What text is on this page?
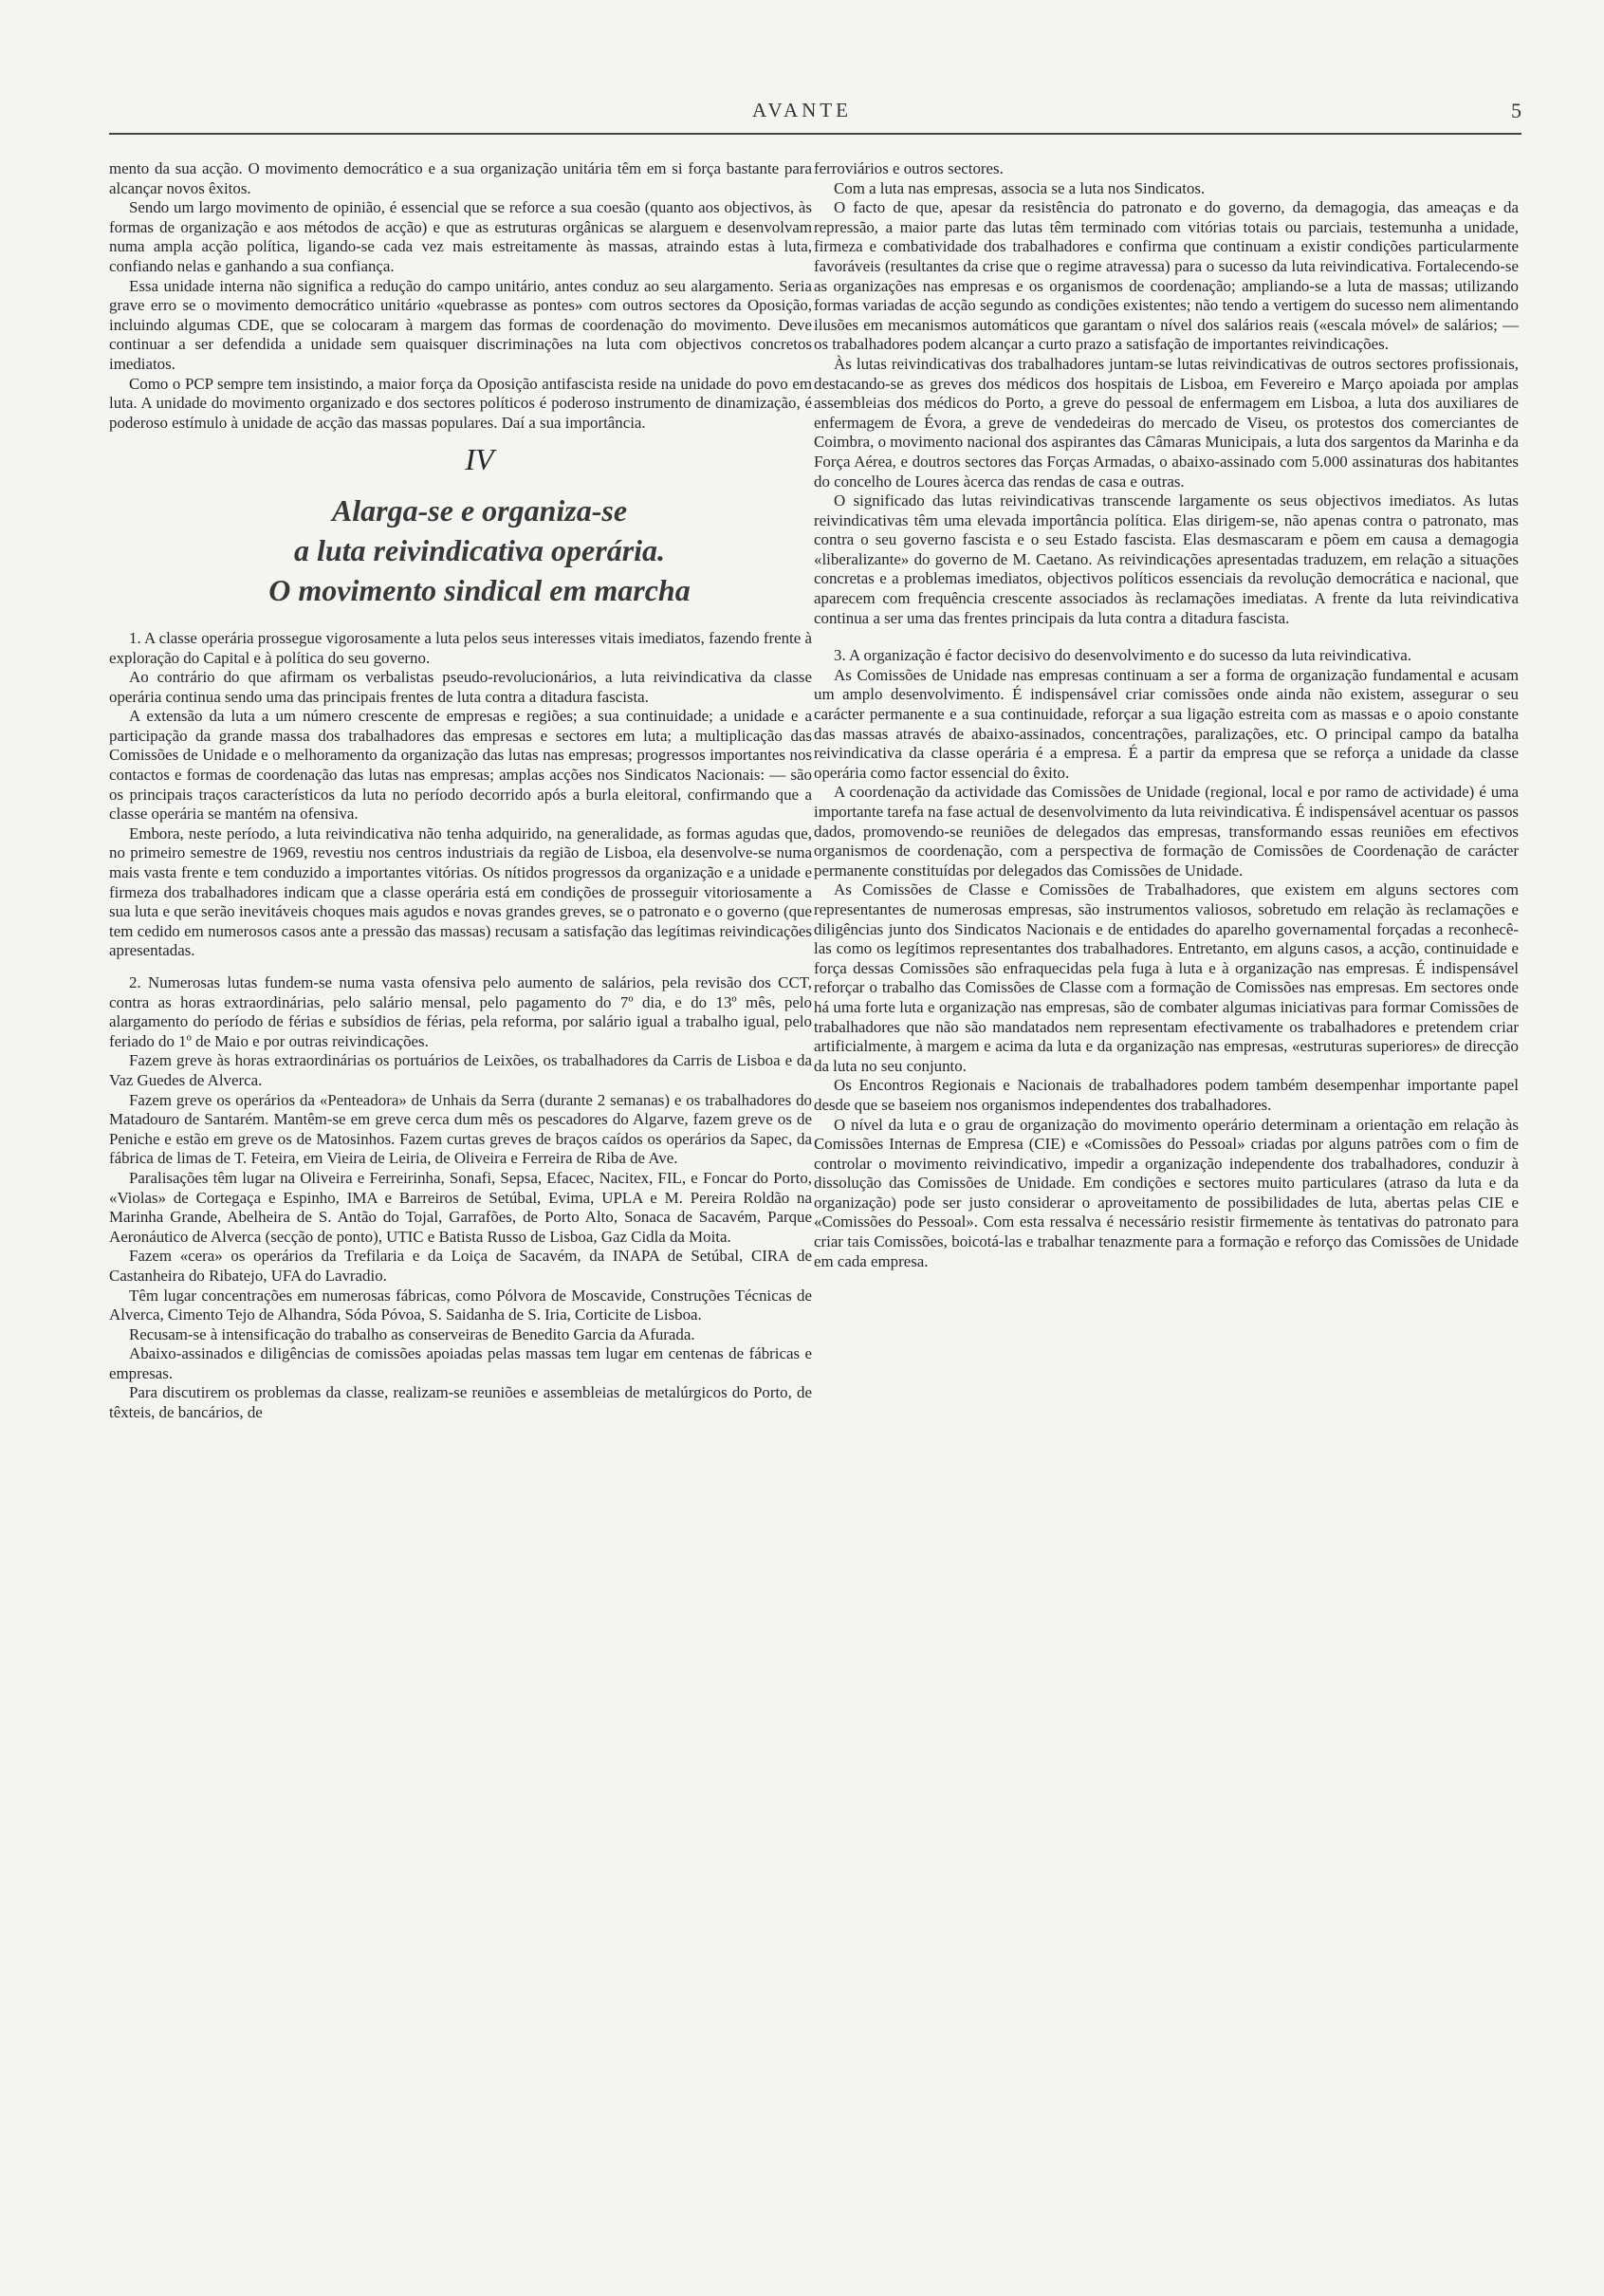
AVANTE	5

mento da sua acção. O movimento democrático e a sua organização unitária têm em si força bastante para alcançar novos êxitos.

Sendo um largo movimento de opinião, é essencial que se reforce a sua coesão (quanto aos objectivos, às formas de organização e aos métodos de acção) e que as estruturas orgânicas se alarguem e desenvolvam numa ampla acção política, ligando-se cada vez mais estreitamente às massas, atraindo estas à luta, confiando nelas e ganhando a sua confiança.

Essa unidade interna não significa a redução do campo unitário, antes conduz ao seu alargamento. Seria grave erro se o movimento democrático unitário «quebrasse as pontes» com outros sectores da Oposição, incluindo algumas CDE, que se colocaram à margem das formas de coordenação do movimento. Deve continuar a ser defendida a unidade sem quaisquer discriminações na luta com objectivos concretos imediatos.

Como o PCP sempre tem insistindo, a maior força da Oposição antifascista reside na unidade do povo em luta. A unidade do movimento organizado e dos sectores políticos é poderoso instrumento de dinamização, é poderoso estímulo à unidade de acção das massas populares. Daí a sua importância.

IV
Alarga-se e organiza-se
a luta reivindicativa operária.
O movimento sindical em marcha

1. A classe operária prossegue vigorosamente a luta pelos seus interesses vitais imediatos, fazendo frente à exploração do Capital e à política do seu governo.

Ao contrário do que afirmam os verbalistas pseudo-revolucionários, a luta reivindicativa da classe operária continua sendo uma das principais frentes de luta contra a ditadura fascista.

A extensão da luta a um número crescente de empresas e regiões; a sua continuidade; a unidade e a participação da grande massa dos trabalhadores das empresas e sectores em luta; a multiplicação das Comissões de Unidade e o melhoramento da organização das lutas nas empresas; progressos importantes nos contactos e formas de coordenação das lutas nas empresas; amplas acções nos Sindicatos Nacionais: — são os principais traços característicos da luta no período decorrido após a burla eleitoral, confirmando que a classe operária se mantém na ofensiva.

Embora, neste período, a luta reivindicativa não tenha adquirido, na generalidade, as formas agudas que, no primeiro semestre de 1969, revestiu nos centros industriais da região de Lisboa, ela desenvolve-se numa mais vasta frente e tem conduzido a importantes vitórias. Os nítidos progressos da organização e a unidade e firmeza dos trabalhadores indicam que a classe operária está em condições de prosseguir vitoriosamente a sua luta e que serão inevitáveis choques mais agudos e novas grandes greves, se o patronato e o governo (que tem cedido em numerosos casos ante a pressão das massas) recusam a satisfação das legítimas reivindicações apresentadas.

2. Numerosas lutas fundem-se numa vasta ofensiva pelo aumento de salários, pela revisão dos CCT, contra as horas extraordinárias, pelo salário mensal, pelo pagamento do 7º dia, e do 13º mês, pelo alargamento do período de férias e subsídios de férias, pela reforma, por salário igual a trabalho igual, pelo feriado do 1º de Maio e por outras reivindicações.

Fazem greve às horas extraordinárias os portuários de Leixões, os trabalhadores da Carris de Lisboa e da Vaz Guedes de Alverca.

Fazem greve os operários da «Penteadora» de Unhais da Serra (durante 2 semanas) e os trabalhadores do Matadouro de Santarém. Mantêm-se em greve cerca dum mês os pescadores do Algarve, fazem greve os de Peniche e estão em greve os de Matosinhos. Fazem curtas greves de braços caídos os operários da Sapec, da fábrica de limas de T. Feteira, em Vieira de Leiria, de Oliveira e Ferreira de Riba de Ave.

Paralisações têm lugar na Oliveira e Ferreirinha, Sonafi, Sepsa, Efacec, Nacitex, FIL, e Foncar do Porto, «Violas» de Cortegaça e Espinho, IMA e Barreiros de Setúbal, Evima, UPLA e M. Pereira Roldão na Marinha Grande, Abelheira de S. Antão do Tojal, Garrafões, de Porto Alto, Sonaca de Sacavém, Parque Aeronáutico de Alverca (secção de ponto), UTIC e Batista Russo de Lisboa, Gaz Cidla da Moita.

Fazem «cera» os operários da Trefilaria e da Loiça de Sacavém, da INAPA de Setúbal, CIRA de Castanheira do Ribatejo, UFA do Lavradio.

Têm lugar concentrações em numerosas fábricas, como Pólvora de Moscavide, Construções Técnicas de Alverca, Cimento Tejo de Alhandra, Sóda Póvoa, S. Saidanha de S. Iria, Corticite de Lisboa.

Recusam-se à intensificação do trabalho as conserveiras de Benedito Garcia da Afurada.

Abaixo-assinados e diligências de comissões apoiadas pelas massas tem lugar em centenas de fábricas e empresas.

Para discutirem os problemas da classe, realizam-se reuniões e assembleias de metalúrgicos do Porto, de têxteis, de bancários, de

ferroviários e outros sectores.

Com a luta nas empresas, associa se a luta nos Sindicatos.

O facto de que, apesar da resistência do patronato e do governo, da demagogia, das ameaças e da repressão, a maior parte das lutas têm terminado com vitórias totais ou parciais, testemunha a unidade, firmeza e combatividade dos trabalhadores e confirma que continuam a existir condições particularmente favoráveis (resultantes da crise que o regime atravessa) para o sucesso da luta reivindicativa. Fortalecendo-se as organizações nas empresas e os organismos de coordenação; ampliando-se a luta de massas; utilizando formas variadas de acção segundo as condições existentes; não tendo a vertigem do sucesso nem alimentando ilusões em mecanismos automáticos que garantam o nível dos salários reais («escala móvel» de salários; — os trabalhadores podem alcançar a curto prazo a satisfação de importantes reivindicações.

Às lutas reivindicativas dos trabalhadores juntam-se lutas reivindicativas de outros sectores profissionais, destacando-se as greves dos médicos dos hospitais de Lisboa, em Fevereiro e Março apoiada por amplas assembleias dos médicos do Porto, a greve do pessoal de enfermagem em Lisboa, a luta dos auxiliares de enfermagem de Évora, a greve de vendedeiras do mercado de Viseu, os protestos dos comerciantes de Coimbra, o movimento nacional dos aspirantes das Câmaras Municipais, a luta dos sargentos da Marinha e da Força Aérea, e doutros sectores das Forças Armadas, o abaixo-assinado com 5.000 assinaturas dos habitantes do concelho de Loures àcerca das rendas de casa e outras.

O significado das lutas reivindicativas transcende largamente os seus objectivos imediatos. As lutas reivindicativas têm uma elevada importância política. Elas dirigem-se, não apenas contra o patronato, mas contra o seu governo fascista e o seu Estado fascista. Elas desmascaram e põem em causa a demagogia «liberalizante» do governo de M. Caetano. As reivindicações apresentadas traduzem, em relação a situações concretas e a problemas imediatos, objectivos políticos essenciais da revolução democrática e nacional, que aparecem com frequência crescente associados às reclamações imediatas. A frente da luta reivindicativa continua a ser uma das frentes principais da luta contra a ditadura fascista.

3. A organização é factor decisivo do desenvolvimento e do sucesso da luta reivindicativa.

As Comissões de Unidade nas empresas continuam a ser a forma de organização fundamental e acusam um amplo desenvolvimento. É indispensável criar comissões onde ainda não existem, assegurar o seu carácter permanente e a sua continuidade, reforçar a sua ligação estreita com as massas e o apoio constante das massas através de abaixo-assinados, concentrações, paralizações, etc. O principal campo da batalha reivindicativa da classe operária é a empresa. É a partir da empresa que se reforça a unidade da classe operária como factor essencial do êxito.

A coordenação da actividade das Comissões de Unidade (regional, local e por ramo de actividade) é uma importante tarefa na fase actual de desenvolvimento da luta reivindicativa. É indispensável acentuar os passos dados, promovendo-se reuniões de delegados das empresas, transformando essas reuniões em efectivos organismos de coordenação, com a perspectiva de formação de Comissões de Coordenação de carácter permanente constituídas por delegados das Comissões de Unidade.

As Comissões de Classe e Comissões de Trabalhadores, que existem em alguns sectores com representantes de numerosas empresas, são instrumentos valiosos, sobretudo em relação às reclamações e diligências junto dos Sindicatos Nacionais e de entidades do aparelho governamental forçadas a reconhecê-las como os legítimos representantes dos trabalhadores. Entretanto, em alguns casos, a acção, continuidade e força dessas Comissões são enfraquecidas pela fuga à luta e à organização nas empresas. É indispensável reforçar o trabalho das Comissões de Classe com a formação de Comissões nas empresas. Em sectores onde há uma forte luta e organização nas empresas, são de combater algumas iniciativas para formar Comissões de trabalhadores que não são mandatados nem representam efectivamente os trabalhadores e pretendem criar artificialmente, à margem e acima da luta e da organização nas empresas, «estruturas superiores» de direcção da luta no seu conjunto.

Os Encontros Regionais e Nacionais de trabalhadores podem também desempenhar importante papel desde que se baseiem nos organismos independentes dos trabalhadores.

O nível da luta e o grau de organização do movimento operário determinam a orientação em relação às Comissões Internas de Empresa (CIE) e «Comissões do Pessoal» criadas por alguns patrões com o fim de controlar o movimento reivindicativo, impedir a organização independente dos trabalhadores, conduzir à dissolução das Comissões de Unidade. Em condições e sectores muito particulares (atraso da luta e da organização) pode ser justo considerar o aproveitamento de possibilidades de luta, abertas pelas CIE e «Comissões do Pessoal». Com esta ressalva é necessário resistir firmemente às tentativas do patronato para criar tais Comissões, boicotá-las e trabalhar tenazmente para a formação e reforço das Comissões de Unidade em cada empresa.
